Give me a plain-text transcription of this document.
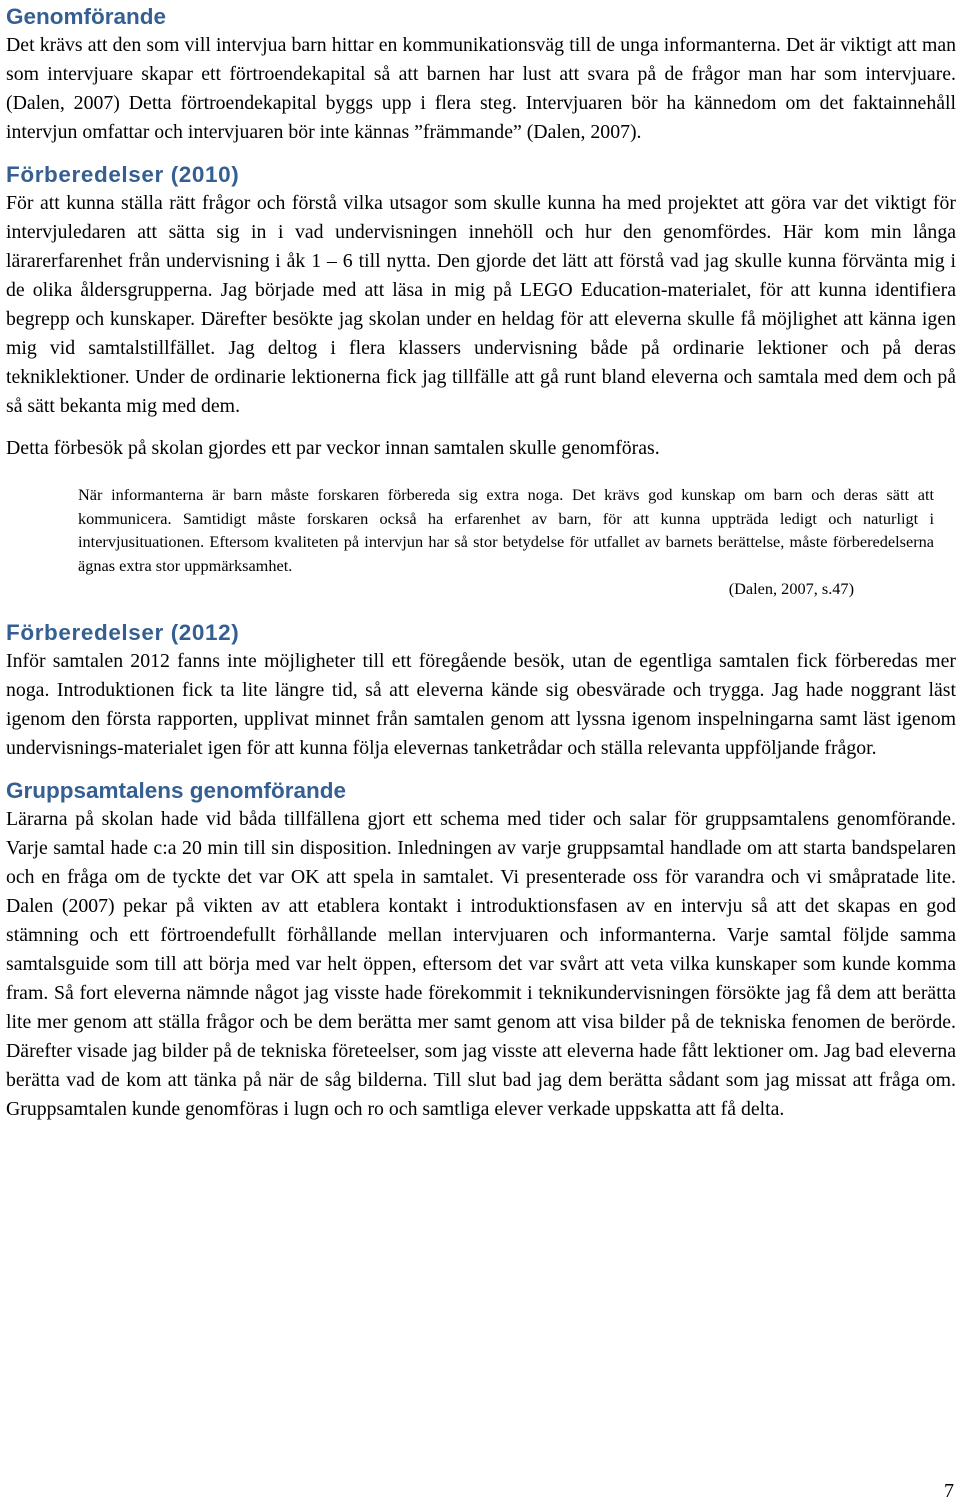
Genomförande

Det krävs att den som vill intervjua barn hittar en kommunikationsväg till de unga informanterna. Det är viktigt att man som intervjuare skapar ett förtroendekapital så att barnen har lust att svara på de frågor man har som intervjuare. (Dalen, 2007) Detta förtroendekapital byggs upp i flera steg. Intervjuaren bör ha kännedom om det faktainnehåll intervjun omfattar och intervjuaren bör inte kännas ”främmande” (Dalen, 2007).

Förberedelser (2010)

För att kunna ställa rätt frågor och förstå vilka utsagor som skulle kunna ha med projektet att göra var det viktigt för intervjuledaren att sätta sig in i vad undervisningen innehöll och hur den genomfördes. Här kom min långa lärarerfarenhet från undervisning i åk 1 – 6 till nytta. Den gjorde det lätt att förstå vad jag skulle kunna förvänta mig i de olika åldersgrupperna. Jag började med att läsa in mig på LEGO Education-materialet, för att kunna identifiera begrepp och kunskaper. Därefter besökte jag skolan under en heldag för att eleverna skulle få möjlighet att känna igen mig vid samtalstillfället. Jag deltog i flera klassers undervisning både på ordinarie lektioner och på deras tekniklektioner. Under de ordinarie lektionerna fick jag tillfälle att gå runt bland eleverna och samtala med dem och på så sätt bekanta mig med dem.

Detta förbesök på skolan gjordes ett par veckor innan samtalen skulle genomföras.

När informanterna är barn måste forskaren förbereda sig extra noga. Det krävs god kunskap om barn och deras sätt att kommunicera. Samtidigt måste forskaren också ha erfarenhet av barn, för att kunna uppträda ledigt och naturligt i intervjusituationen. Eftersom kvaliteten på intervjun har så stor betydelse för utfallet av barnets berättelse, måste förberedelserna ägnas extra stor uppmärksamhet.
(Dalen, 2007, s.47)
Förberedelser (2012)

Inför samtalen 2012 fanns inte möjligheter till ett föregående besök, utan de egentliga samtalen fick förberedas mer noga. Introduktionen fick ta lite längre tid, så att eleverna kände sig obesvärade och trygga. Jag hade noggrant läst igenom den första rapporten, upplivat minnet från samtalen genom att lyssna igenom inspelningarna samt läst igenom undervisnings-materialet igen för att kunna följa elevernas tanketrådar och ställa relevanta uppföljande frågor.

Gruppsamtalens genomförande

Lärarna på skolan hade vid båda tillfällena gjort ett schema med tider och salar för gruppsamtalens genomförande. Varje samtal hade c:a 20 min till sin disposition. Inledningen av varje gruppsamtal handlade om att starta bandspelaren och en fråga om de tyckte det var OK att spela in samtalet. Vi presenterade oss för varandra och vi småpratade lite. Dalen (2007) pekar på vikten av att etablera kontakt i introduktionsfasen av en intervju så att det skapas en god stämning och ett förtroendefullt förhållande mellan intervjuaren och informanterna. Varje samtal följde samma samtalsguide som till att börja med var helt öppen, eftersom det var svårt att veta vilka kunskaper som kunde komma fram. Så fort eleverna nämnde något jag visste hade förekommit i teknikundervisningen försökte jag få dem att berätta lite mer genom att ställa frågor och be dem berätta mer samt genom att visa bilder på de tekniska fenomen de berörde. Därefter visade jag bilder på de tekniska företeelser, som jag visste att eleverna hade fått lektioner om. Jag bad eleverna berätta vad de kom att tänka på när de såg bilderna. Till slut bad jag dem berätta sådant som jag missat att fråga om. Gruppsamtalen kunde genomföras i lugn och ro och samtliga elever verkade uppskatta att få delta.

7
